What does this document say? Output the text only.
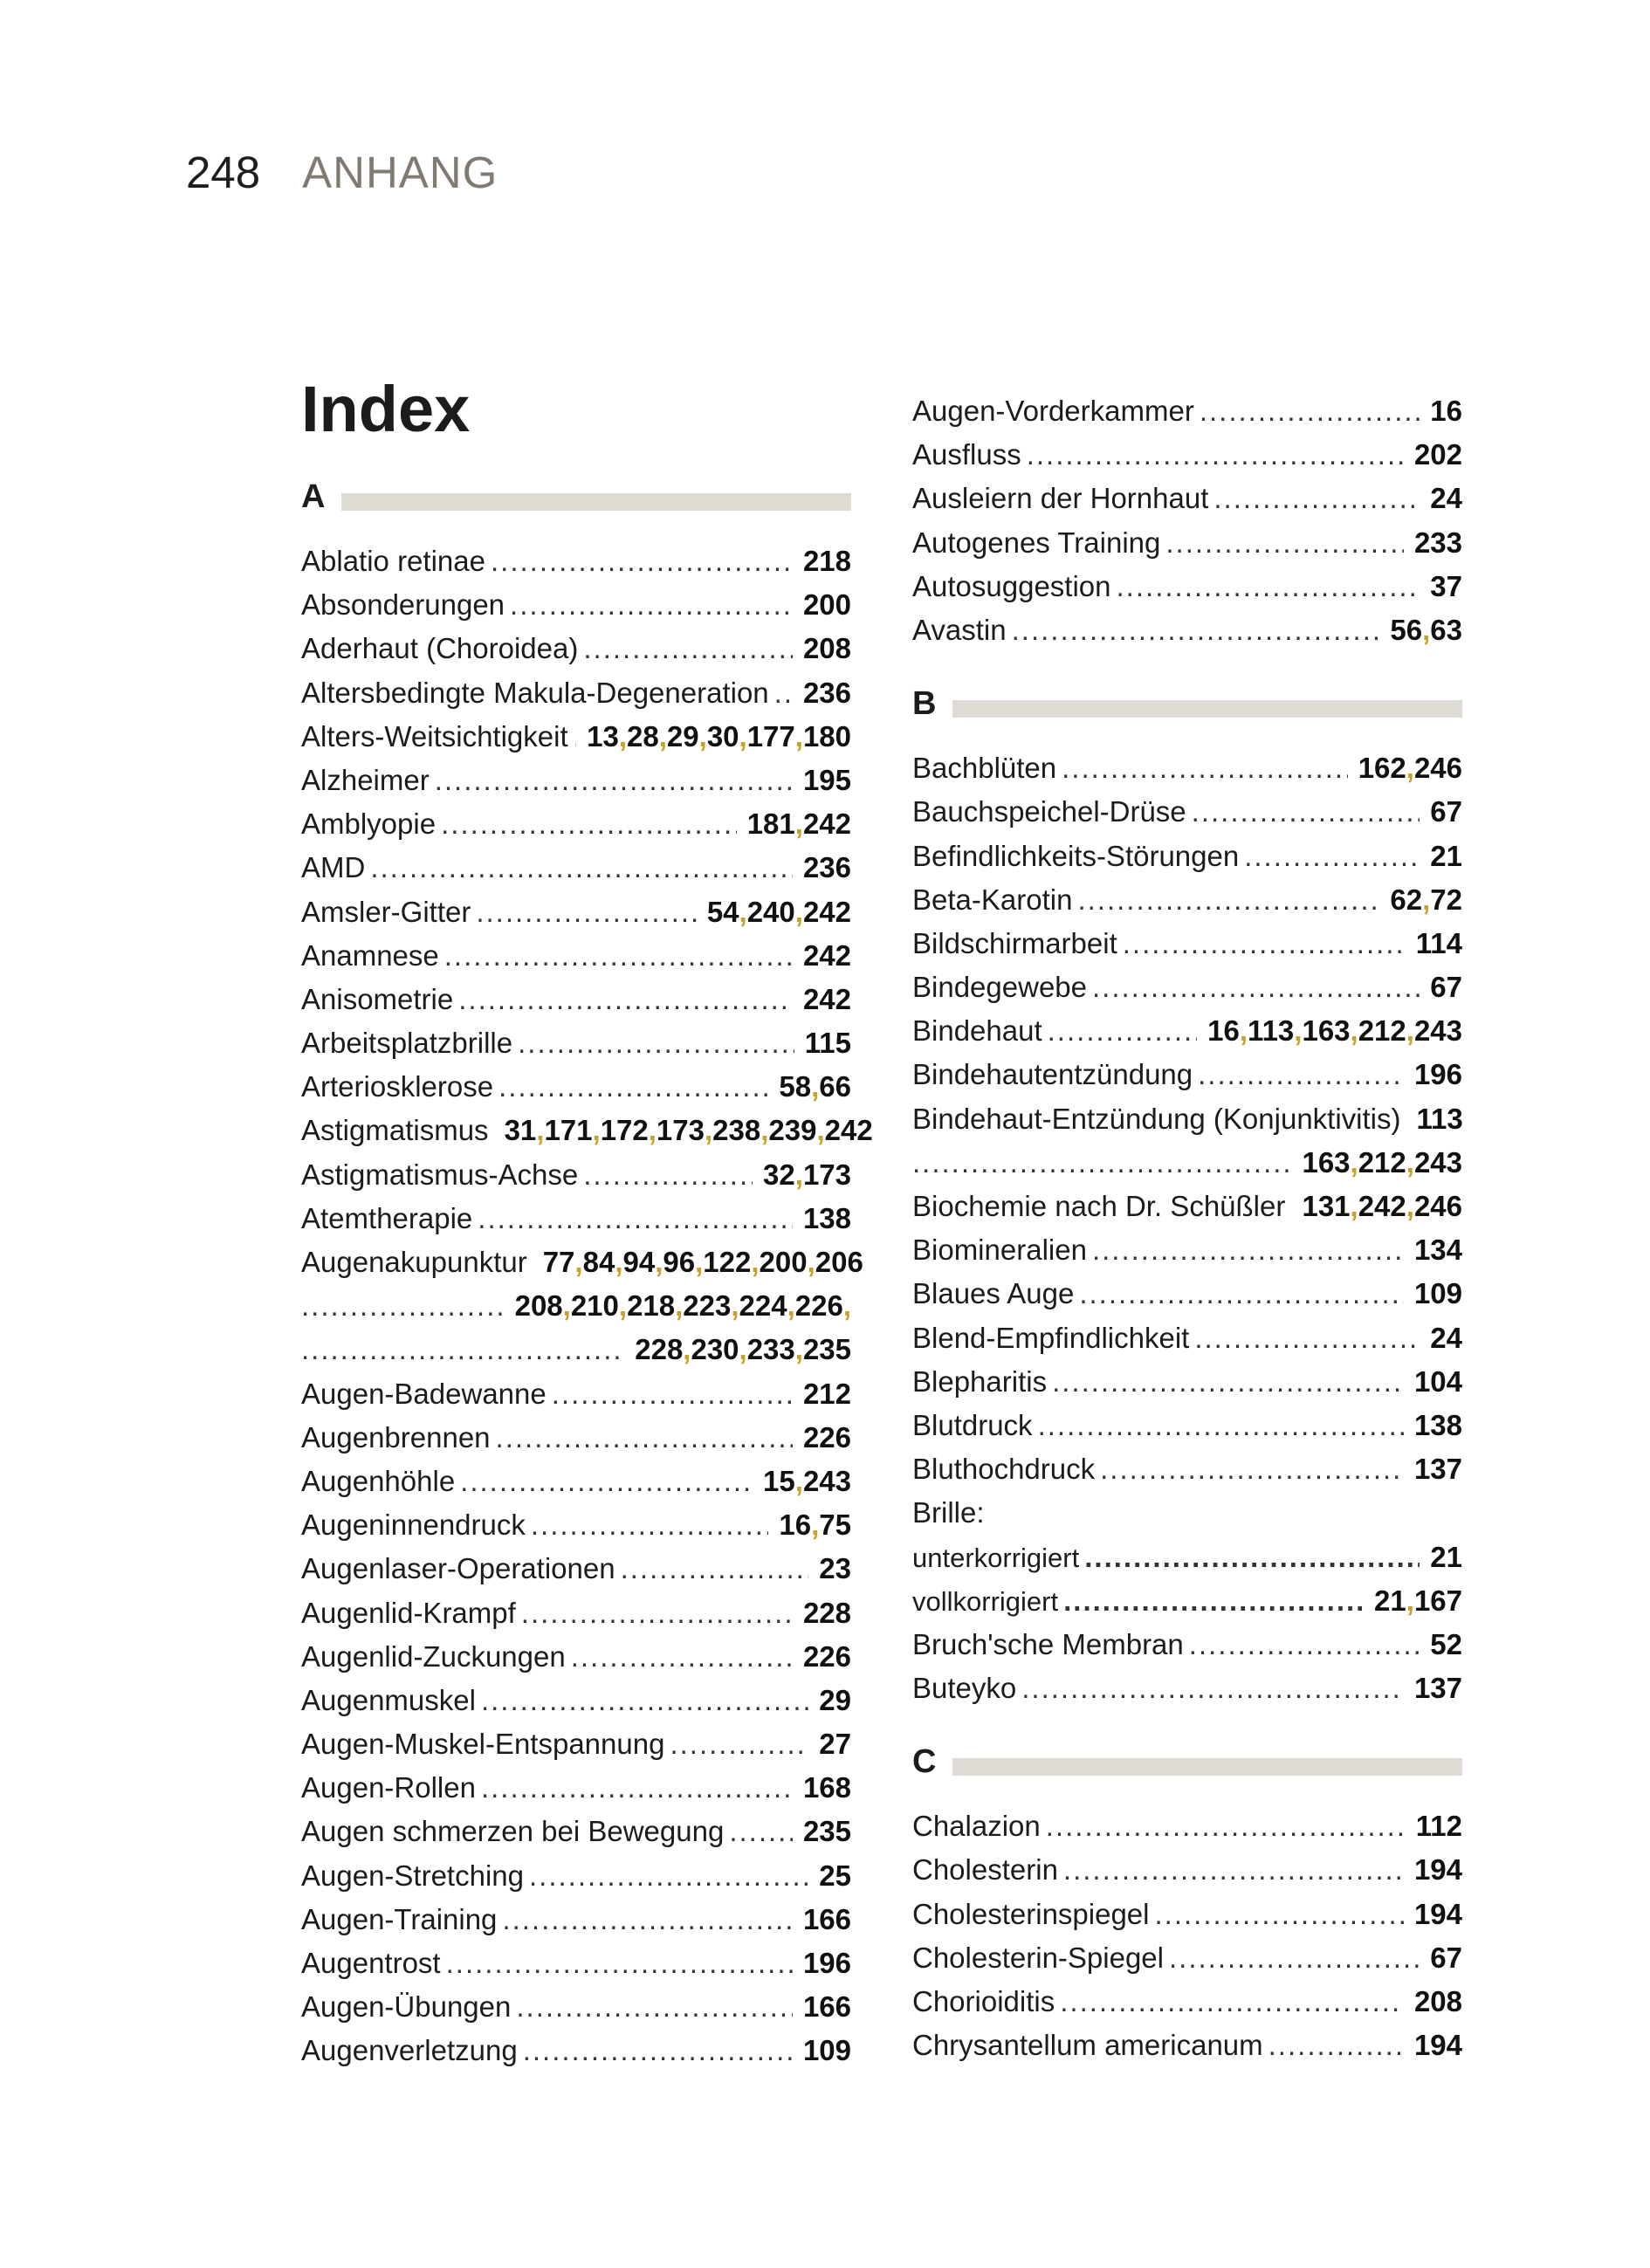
248 ANHANG
Index
A
Ablatio retinae .....	218
Absonderungen .....	200
Aderhaut (Choroidea) .....	208
Altersbedingte Makula-Degeneration ..... 236
Alters-Weitsichtigkeit ..... 13,28,29,30,177,180
Alzheimer .....	195
Amblyopie .....	181,242
AMD .....	236
Amsler-Gitter .....	54,240,242
Anamnese .....	242
Anisometrie .....	242
Arbeitsplatzbrille .....	115
Arteriosklerose .....	58,66
Astigmatismus 31,171,172,173,238,239,242
Astigmatismus-Achse .....	32,173
Atemtherapie .....	138
Augenakupunktur 77,84,94,96,122,200,206
.....
208,210,218,223,224,226,
.....
228,230,233,235
Augen-Badewanne .....	212
Augenbrennen .....	226
Augenhöhle .....	15,243
Augeninnendruck .....	16,75
Augenlaser-Operationen .....	23
Augenlid-Krampf .....	228
Augenlid-Zuckungen .....	226
Augenmuskel .....	29
Augen-Muskel-Entspannung .....	27
Augen-Rollen .....	168
Augen schmerzen bei Bewegung .....	235
Augen-Stretching .....	25
Augen-Training .....	166
Augentrost .....	196
Augen-Übungen .....	166
Augenverletzung .....	109
Augen-Vorderkammer .....	16
Ausfluss .....	202
Ausleiern der Hornhaut .....	24
Autogenes Training .....	233
Autosuggestion .....	37
Avastin .....	56,63
B
Bachblüten .....	162,246
Bauchspeichel-Drüse .....	67
Befindlichkeits-Störungen .....	21
Beta-Karotin .....	62,72
Bildschirmarbeit .....	114
Bindegewebe .....	67
Bindehaut .....	16,113,163,212,243
Bindehautentzündung .....	196
Bindehaut-Entzündung (Konjunktivitis) 113
.....
163,212,243
Biochemie nach Dr. Schüßler ..... 131,242,246
Biomineralien .....	134
Blaues Auge .....	109
Blend-Empfindlichkeit .....	24
Blepharitis .....	104
Blutdruck .....	138
Bluthochdruck .....	137
Brille:
unterkorrigiert .....	21
vollkorrigiert .....	21,167
Bruch'sche Membran .....	52
Buteyko .....	137
C
Chalazion .....	112
Cholesterin .....	194
Cholesterinspiegel .....	194
Cholesterin-Spiegel .....	67
Chorioiditis .....	208
Chrysantellum americanum .....	194
